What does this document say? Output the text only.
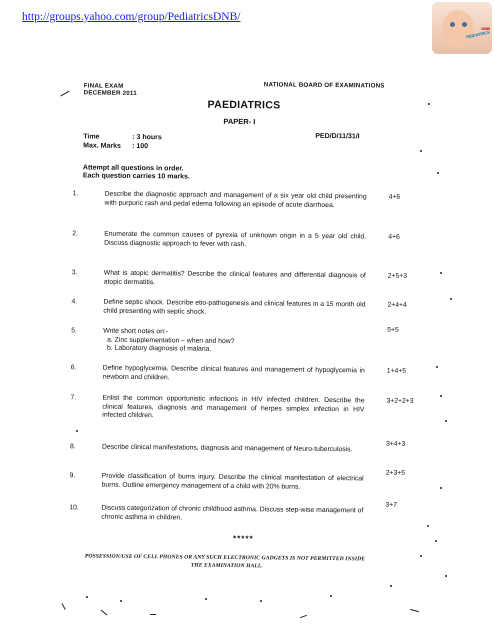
http://groups.yahoo.com/group/PediatricsDNB/
DNB
PEDIATRICS
FINAL EXAM
DECEMBER 2011
NATIONAL BOARD OF EXAMINATIONS
PAEDIATRICS
PAPER- I
Time	: 3 hours	PED/D/11/31/I
Max. Marks : 100
Attempt all questions in order.
Each question carries 10 marks.
1.	Describe the diagnostic approach and management of a six year old child presenting with purpuric rash and pedal edema following an episode of acute diarrhoea.
4+6
2.	Enumerate the common causes of pyrexia of unknown origin in a 5 year old child. Discuss diagnostic approach to fever with rash.
4+6
3.	What is atopic dermatitis? Describe the clinical features and differential diagnosis of atopic dermatitis.
2+5+3
4.	Define septic shock. Describe etio-pathogenesis and clinical features in a 15 month old child presenting with septic shock.
2+4+4
5.	Write short notes on:-
a. Zinc supplementation – when and how?
b. Laboratory diagnosis of malaria.
5+5
6.	Define hypoglycemia. Describe clinical features and management of hypoglycemia in newborn and children.
1+4+5
7.	Enlist the common opportunistic infections in HIV infected children. Describe the clinical features, diagnosis and management of herpes simplex infection in HIV infected children.
3+2+2+3
8.	Describe clinical manifestations, diagnosis and management of Neuro-tuberculosis.	3+4+3
9.	Provide classification of burns injury. Describe the clinical manifestation of electrical burns. Outline emergency management of a child with 20% burns.
2+3+5
10.	Discuss categorization of chronic childhood asthma. Discuss step-wise management of chronic asthma in children.
3+7
*****
POSSESSION/USE OF CELL PHONES OR ANY SUCH ELECTRONIC GADGETS IS NOT PERMITTED INSIDE
THE EXAMINATION HALL.
